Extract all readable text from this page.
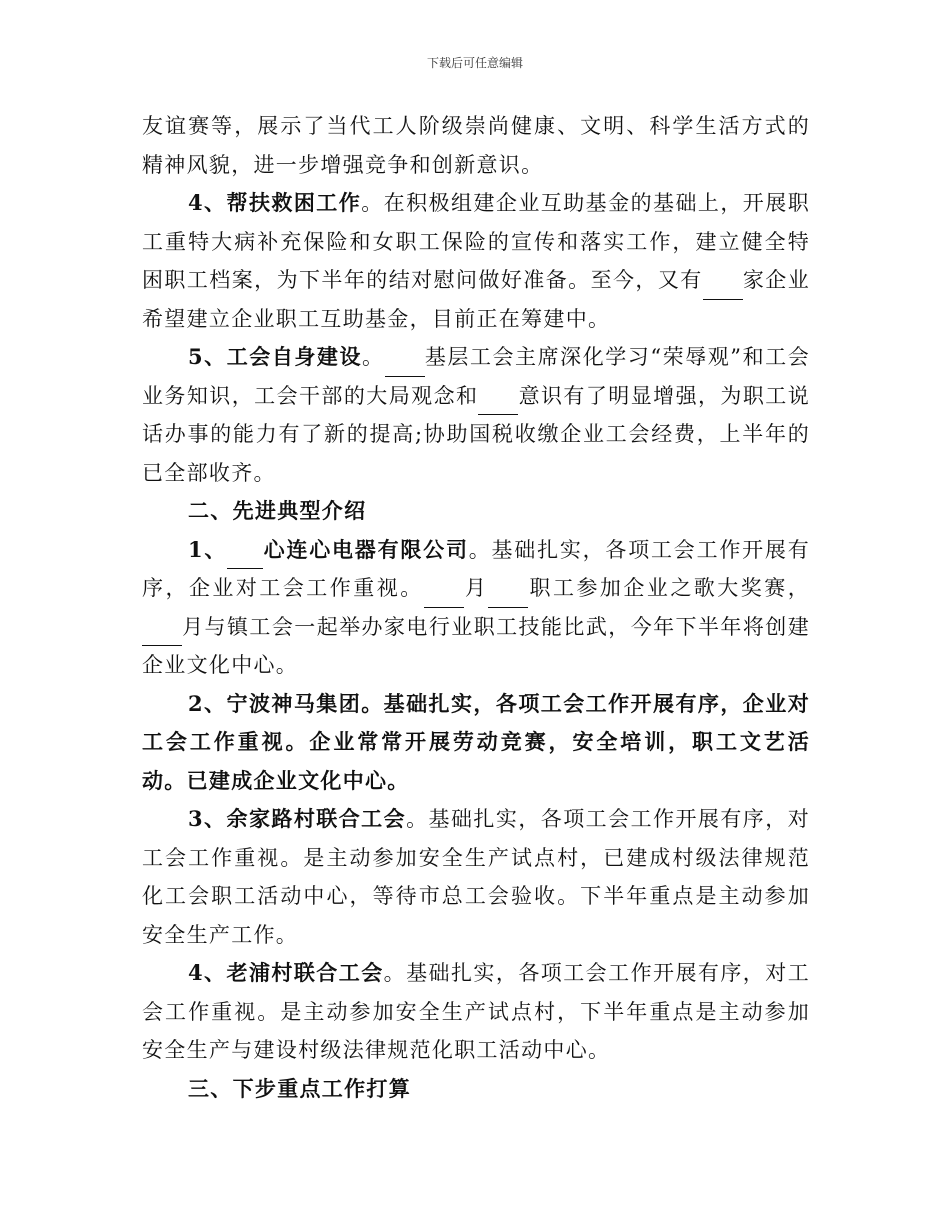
下载后可任意编辑

友谊赛等，展示了当代工人阶级崇尚健康、文明、科学生活方式的精神风貌，进一步增强竞争和创新意识。

4、帮扶救困工作。在积极组建企业互助基金的基础上，开展职工重特大病补充保险和女职工保险的宣传和落实工作，建立健全特困职工档案，为下半年的结对慰问做好准备。至今，又有 家企业希望建立企业职工互助基金，目前正在筹建中。

5、工会自身建设。 基层工会主席深化学习“荣辱观”和工会业务知识，工会干部的大局观念和 意识有了明显增强，为职工说话办事的能力有了新的提高;协助国税收缴企业工会经费，上半年的已全部收齐。

二、先进典型介绍

1、 心连心电器有限公司。基础扎实，各项工会工作开展有序，企业对工会工作重视。 月 职工参加企业之歌大奖赛，月与镇工会一起举办家电行业职工技能比武，今年下半年将创建企业文化中心。

2、宁波神马集团。基础扎实，各项工会工作开展有序，企业对工会工作重视。企业常常开展劳动竞赛，安全培训，职工文艺活动。已建成企业文化中心。

3、余家路村联合工会。基础扎实，各项工会工作开展有序，对工会工作重视。是主动参加安全生产试点村，已建成村级法律规范化工会职工活动中心，等待市总工会验收。下半年重点是主动参加安全生产工作。

4、老浦村联合工会。基础扎实，各项工会工作开展有序，对工会工作重视。是主动参加安全生产试点村，下半年重点是主动参加安全生产与建设村级法律规范化职工活动中心。

三、下步重点工作打算
